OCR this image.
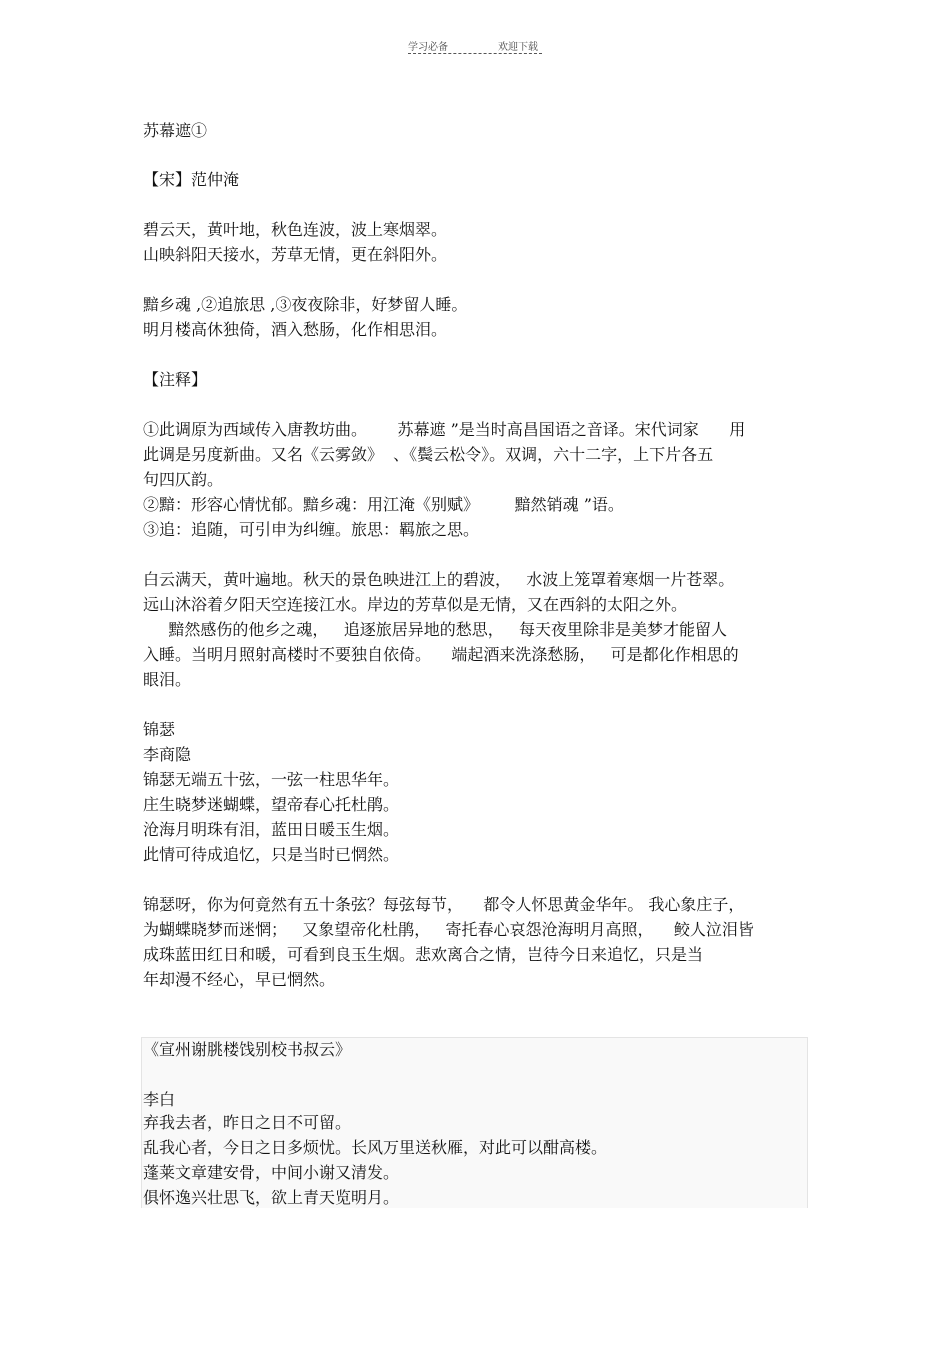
学习必备	欢迎下载
苏幕遮①
【宋】范仲淹
碧云天，黄叶地，秋色连波，波上寒烟翠。
山映斜阳天接水，芳草无情，更在斜阳外。
黯乡魂 ,②追旅思 ,③夜夜除非，好梦留人睡。
明月楼高休独倚，酒入愁肠，化作相思泪。
【注释】
①此调原为西域传入唐教坊曲。      苏幕遮 ”是当时高昌国语之音译。宋代词家      用
此调是另度新曲。又名《云雾敛》  、《鬓云松令》。双调，六十二字，上下片各五
句四仄韵。
②黯：形容心情忧郁。黯乡魂：用江淹《别赋》       黯然销魂 ”语。
③追：追随，可引申为纠缠。旅思：羁旅之思。
白云满天，黄叶遍地。秋天的景色映进江上的碧波，   水波上笼罩着寒烟一片苍翠。
远山沐浴着夕阳天空连接江水。岸边的芳草似是无情，又在西斜的太阳之外。
黯然感伤的他乡之魂，   追逐旅居异地的愁思，   每天夜里除非是美梦才能留人
入睡。当明月照射高楼时不要独自依倚。    端起酒来洗涤愁肠，   可是都化作相思的
眼泪。
锦瑟
李商隐
锦瑟无端五十弦，一弦一柱思华年。
庄生晓梦迷蝴蝶，望帝春心托杜鹃。
沧海月明珠有泪，蓝田日暖玉生烟。
此情可待成追忆，只是当时已惘然。
锦瑟呀，你为何竟然有五十条弦？每弦每节，    都令人怀思黄金华年。 我心象庄子，
为蝴蝶晓梦而迷惘；   又象望帝化杜鹃，   寄托春心哀怨沧海明月高照，    鲛人泣泪皆
成珠蓝田红日和暖，可看到良玉生烟。悲欢离合之情，岂待今日来追忆，只是当
年却漫不经心，早已惘然。
《宣州谢朓楼饯别校书叔云》
李白
弃我去者，昨日之日不可留。
乱我心者，今日之日多烦忧。长风万里送秋雁，对此可以酣高楼。
蓬莱文章建安骨，中间小谢又清发。
俱怀逸兴壮思飞，欲上青天览明月。
